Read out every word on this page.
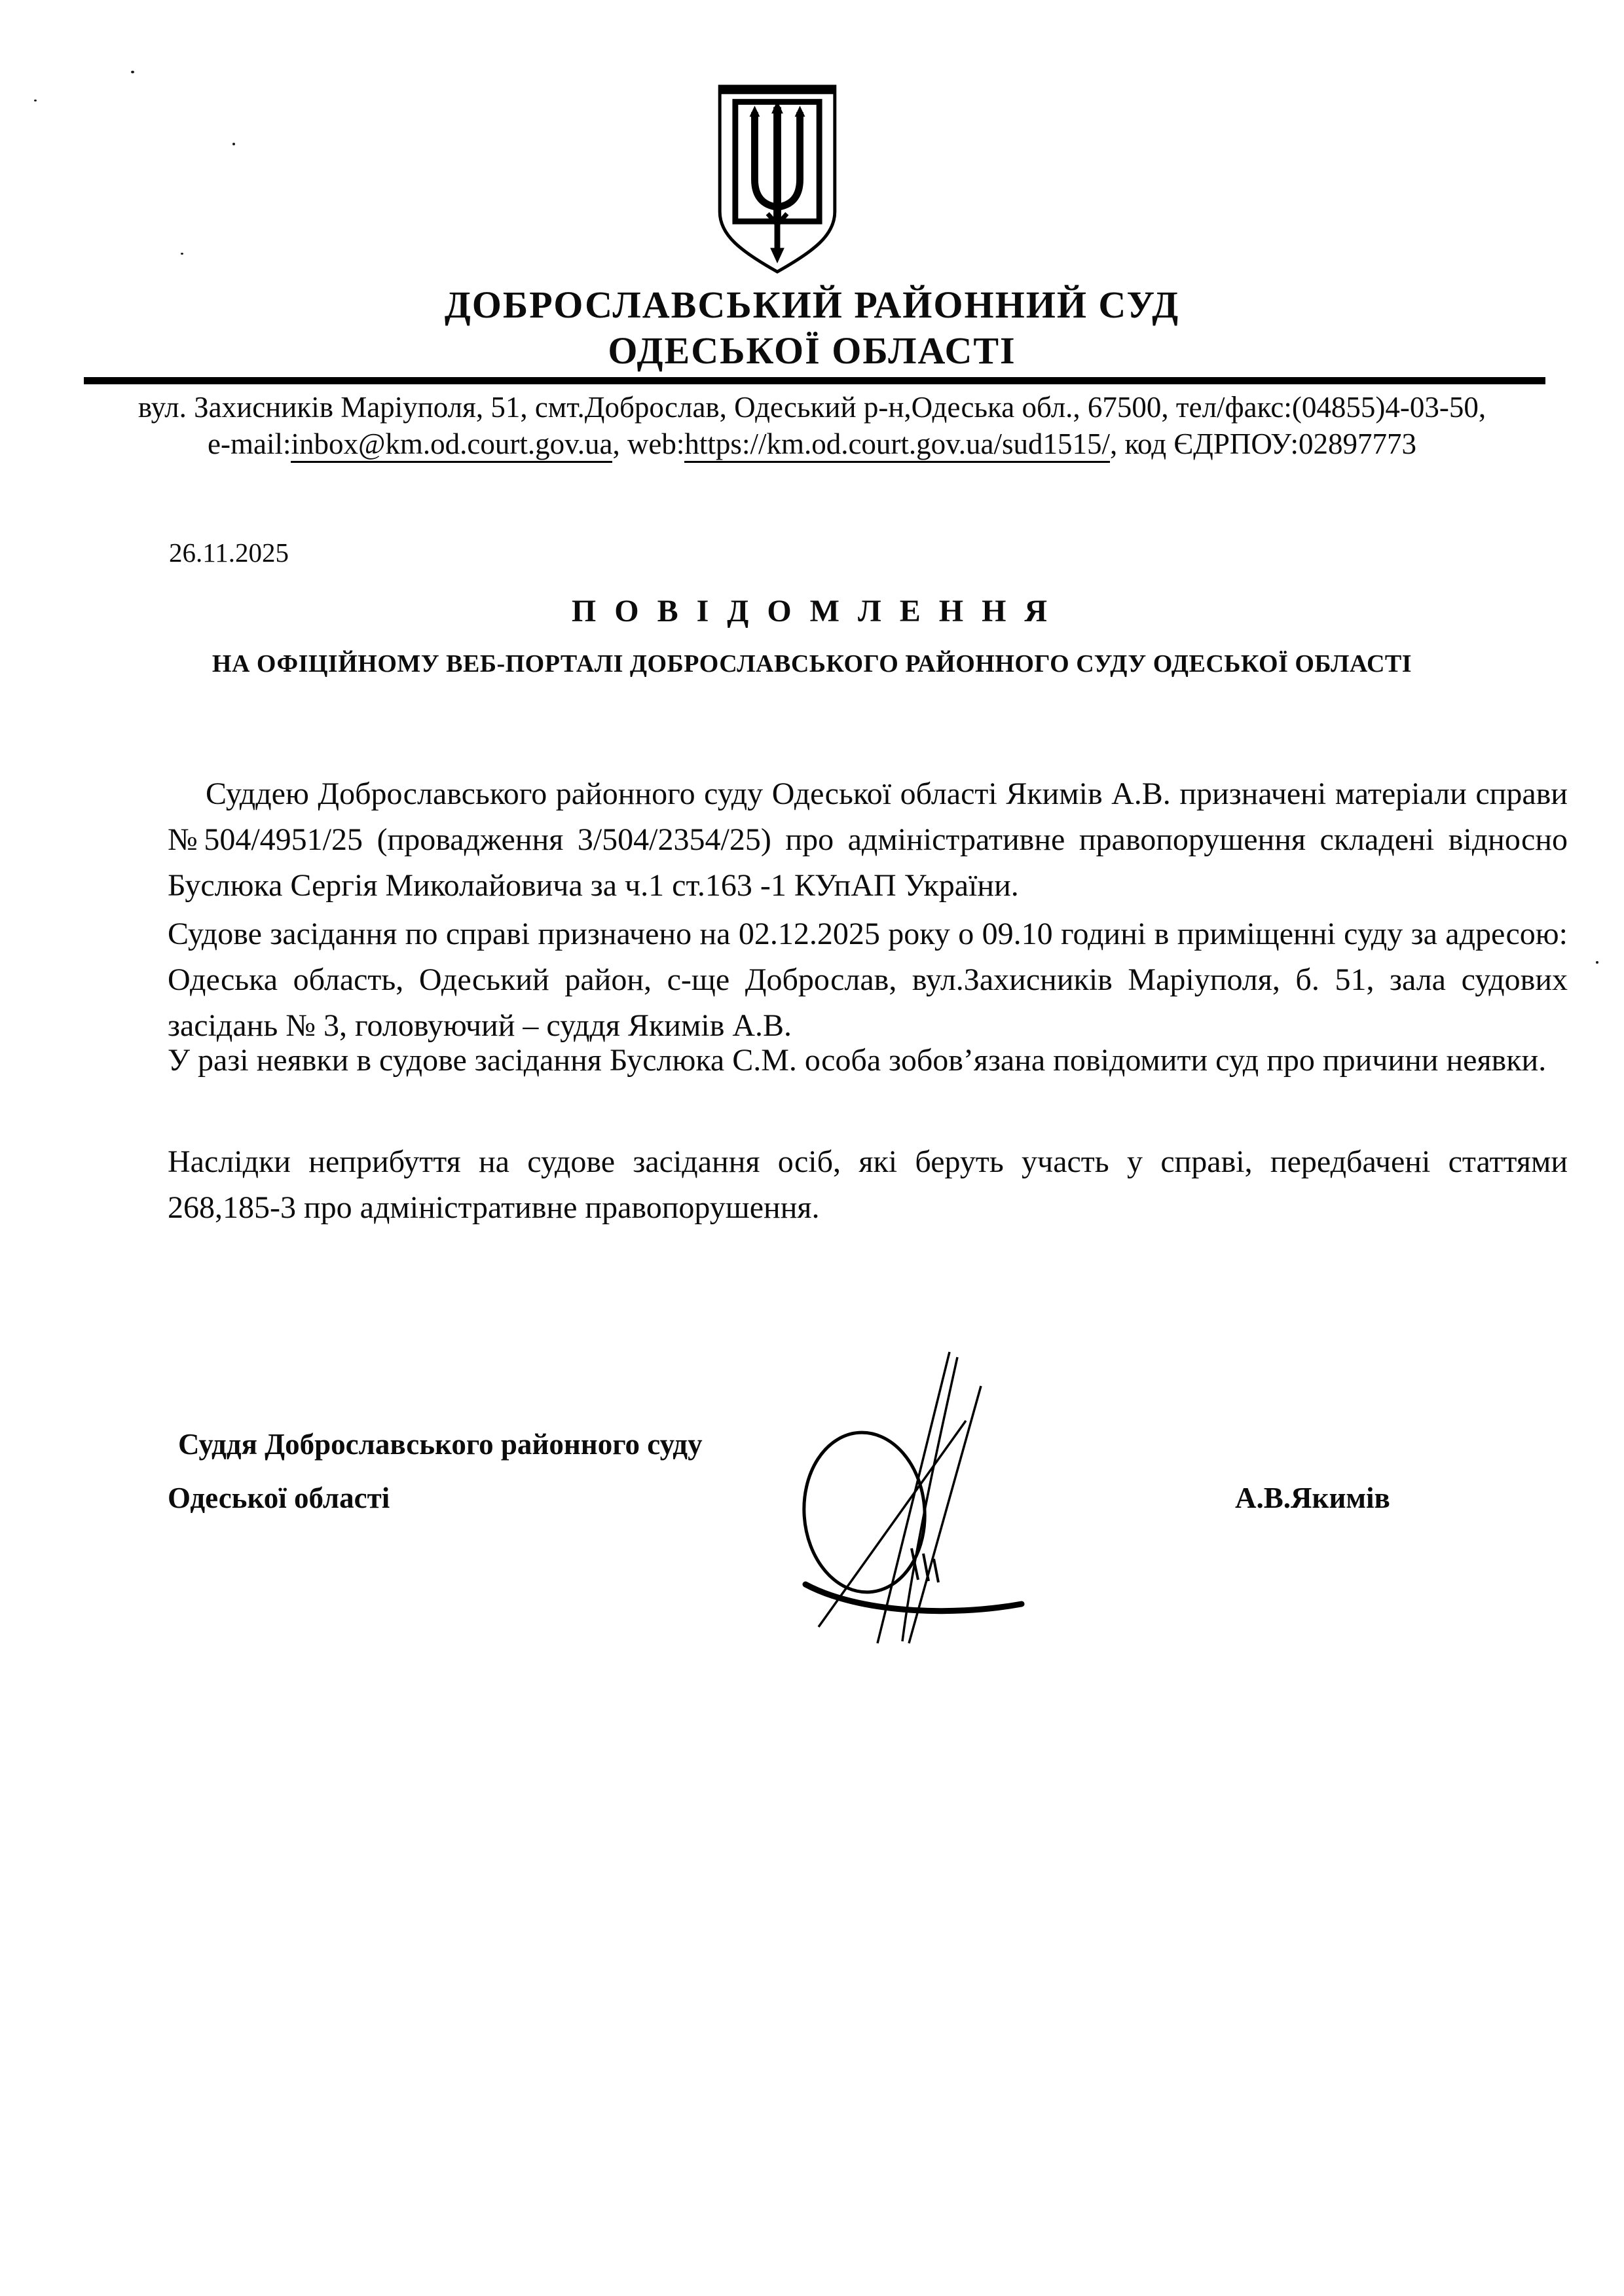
ДОБРОСЛАВСЬКИЙ РАЙОННИЙ СУД
ОДЕСЬКОЇ ОБЛАСТІ
вул. Захисників Маріуполя, 51, смт.Доброслав, Одеський р-н,Одеська обл., 67500, тел/факс:(04855)4-03-50,
e-mail:inbox@km.od.court.gov.ua, web:https://km.od.court.gov.ua/sud1515/, код ЄДРПОУ:02897773
26.11.2025
П О В І Д О М Л Е Н Н Я
НА ОФІЦІЙНОМУ ВЕБ-ПОРТАЛІ ДОБРОСЛАВСЬКОГО РАЙОННОГО СУДУ ОДЕСЬКОЇ ОБЛАСТІ
Суддею Доброславського районного суду Одеської області Якимів А.В. призначені матеріали справи №504/4951/25 (провадження 3/504/2354/25) про адміністративне правопорушення складені відносно Буслюка Сергія Миколайовича за ч.1 ст.163 -1 КУпАП України.
Судове засідання по справі призначено на 02.12.2025 року о 09.10 годині в приміщенні суду за адресою: Одеська область, Одеський район, с-ще Доброслав, вул.Захисників Маріуполя, б. 51, зала судових засідань № 3, головуючий – суддя Якимів А.В.
У разі неявки в судове засідання Буслюка С.М. особа зобов’язана повідомити суд про причини неявки.
Наслідки неприбуття на судове засідання осіб, які беруть участь у справі, передбачені статтями 268,185-3 про адміністративне правопорушення.
Суддя Доброславського районного суду
Одеської області	А.В.Якимів
